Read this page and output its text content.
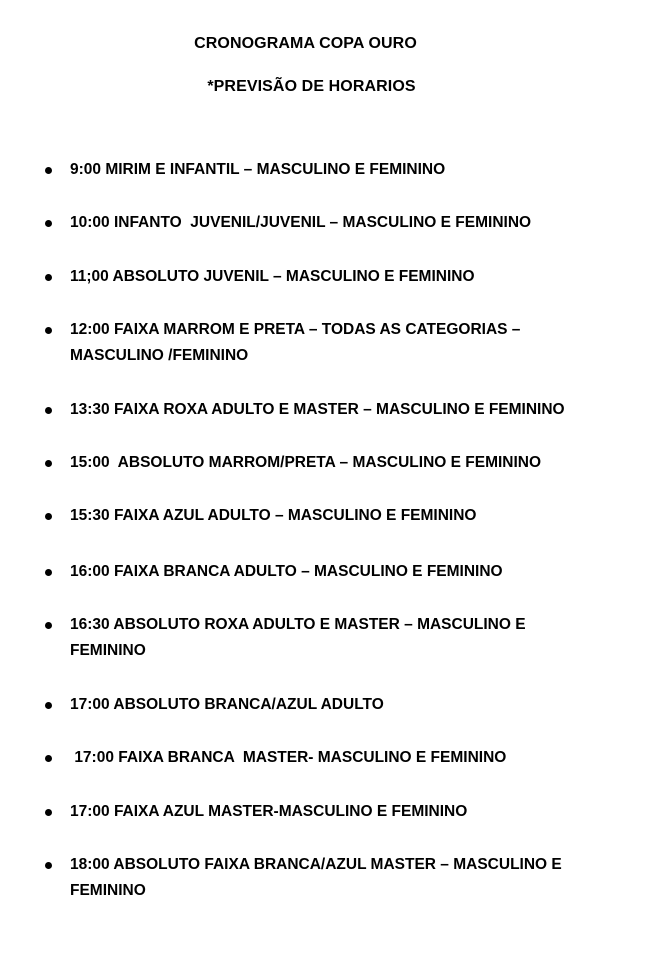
CRONOGRAMA COPA OURO
*PREVISÃO DE HORARIOS
9:00 MIRIM E INFANTIL – MASCULINO E FEMININO
10:00 INFANTO  JUVENIL/JUVENIL – MASCULINO E FEMININO
11;00 ABSOLUTO JUVENIL – MASCULINO E FEMININO
12:00 FAIXA MARROM E PRETA – TODAS AS CATEGORIAS – MASCULINO /FEMININO
13:30 FAIXA ROXA ADULTO E MASTER – MASCULINO E FEMININO
15:00  ABSOLUTO MARROM/PRETA – MASCULINO E FEMININO
15:30 FAIXA AZUL ADULTO – MASCULINO E FEMININO
16:00 FAIXA BRANCA ADULTO – MASCULINO E FEMININO
16:30 ABSOLUTO ROXA ADULTO E MASTER – MASCULINO E FEMININO
17:00 ABSOLUTO BRANCA/AZUL ADULTO
17:00 FAIXA BRANCA  MASTER- MASCULINO E FEMININO
17:00 FAIXA AZUL MASTER-MASCULINO E FEMININO
18:00 ABSOLUTO FAIXA BRANCA/AZUL MASTER – MASCULINO E FEMININO
